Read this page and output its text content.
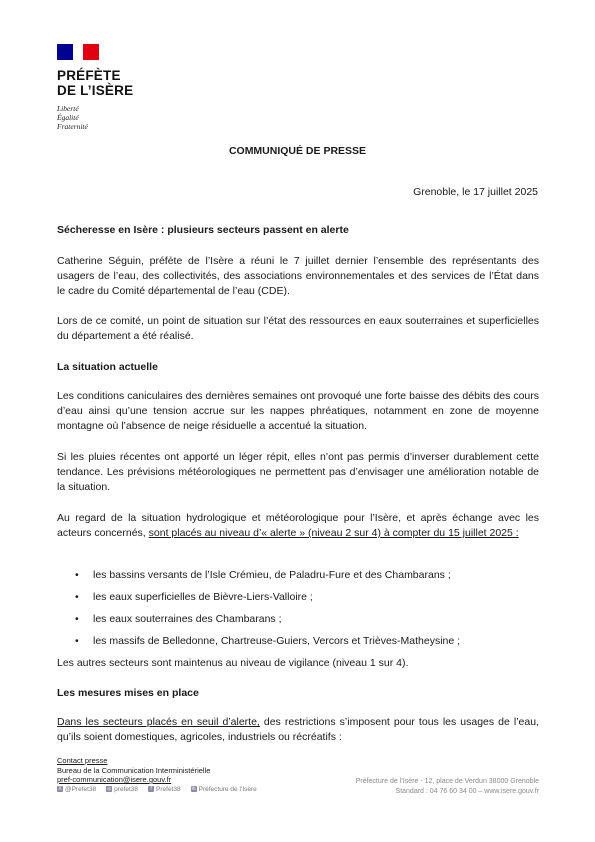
PRÉFÈTE
DE L’ISÈRE
Liberté
Égalité
Fraternité
COMMUNIQUÉ DE PRESSE
Grenoble, le 17 juillet 2025
Sécheresse en Isère : plusieurs secteurs passent en alerte
Catherine Séguin, préfète de l’Isère a réuni le 7 juillet dernier l’ensemble des représentants des usagers de l’eau, des collectivités, des associations environnementales et des services de l’État dans le cadre du Comité départemental de l’eau (CDE).
Lors de ce comité, un point de situation sur l’état des ressources en eaux souterraines et superficielles du département a été réalisé.
La situation actuelle
Les conditions caniculaires des dernières semaines ont provoqué une forte baisse des débits des cours d’eau ainsi qu’une tension accrue sur les nappes phréatiques, notamment en zone de moyenne montagne où l’absence de neige résiduelle a accentué la situation.
Si les pluies récentes ont apporté un léger répit, elles n’ont pas permis d’inverser durablement cette tendance. Les prévisions météorologiques ne permettent pas d’envisager une amélioration notable de la situation.
Au regard de la situation hydrologique et météorologique pour l’Isère, et après échange avec les acteurs concernés, sont placés au niveau d’« alerte » (niveau 2 sur 4) à compter du 15 juillet 2025 :
• les bassins versants de l’Isle Crémieu, de Paladru-Fure et des Chambarans ;
• les eaux superficielles de Bièvre-Liers-Valloire ;
• les eaux souterraines des Chambarans ;
• les massifs de Belledonne, Chartreuse-Guiers, Vercors et Trièves-Matheysine ;
Les autres secteurs sont maintenus au niveau de vigilance (niveau 1 sur 4).
Les mesures mises en place
Dans les secteurs placés en seuil d’alerte, des restrictions s’imposent pour tous les usages de l’eau, qu’ils soient domestiques, agricoles, industriels ou récréatifs :
Contact presse
Bureau de la Communication Interministérielle
pref-communication@isere.gouv.fr
X @Prefet38 ◎ prefet38	f Prefet38 in Préfecture de l’Isère
Préfecture de l’Isère - 12, place de Verdun 38000 Grenoble
Standard : 04 76 60 34 00 – www.isere.gouv.fr
